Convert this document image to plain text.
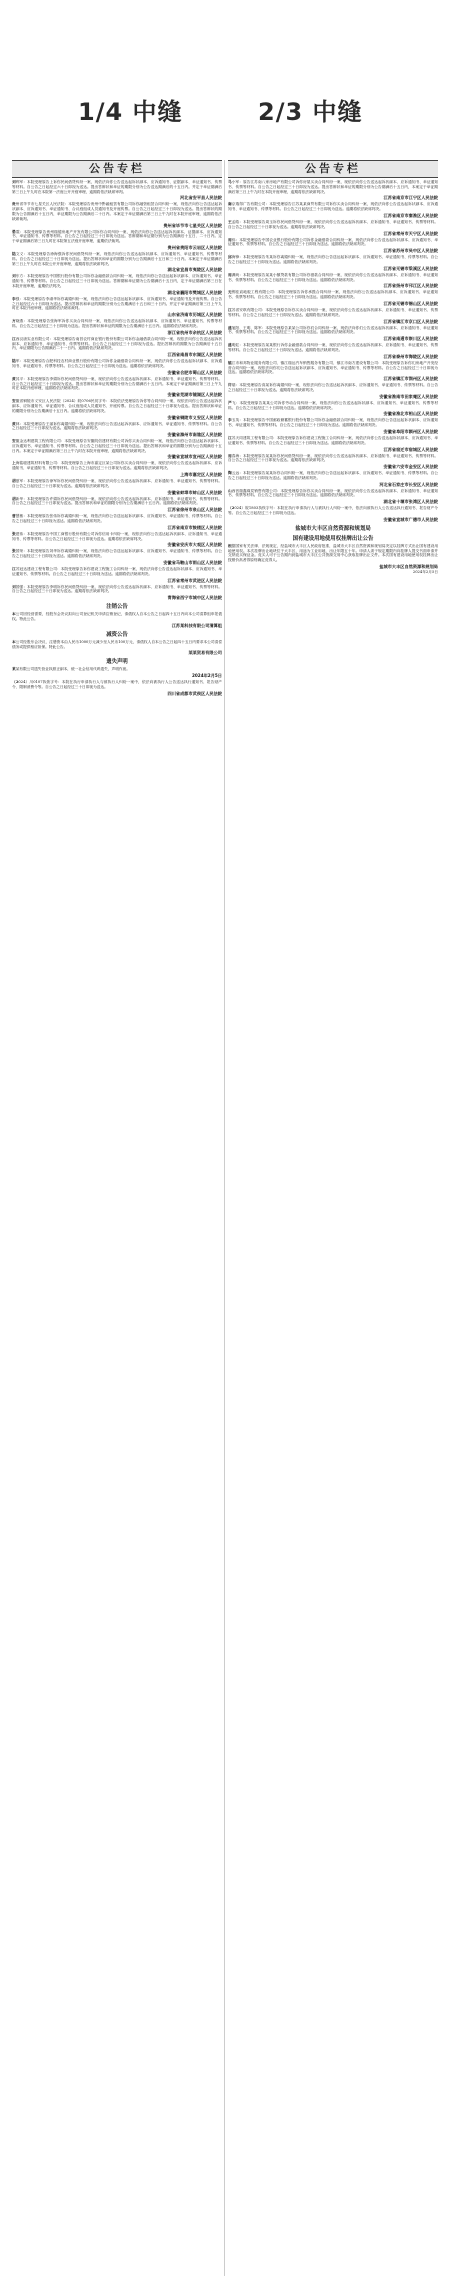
1/4 中缝	2/3 中缝
公告专栏
刘利军：本院受理原告上诉你民间借贷纠纷一案，现依法向你公告送达起诉状副本、应诉通知书、证据副本、举证通知书、传票等材料。自公告之日起经过六十日即视为送达。提出答辩状和举证的期限分别为公告送达期满后的十五日内。并定于举证期满后第三日上午九时在本院第一法庭公开开庭审理，逾期将依法缺席审判。
河北省安平县人民法院
贵州省毕节市七星关区人民法院：本院受理原告贵州中黔融租赁有限公司诉你融资租赁合同纠纷一案，现依法向你公告送达起诉状副本、应诉通知书、举证通知书、合议庭组成人员通知书及开庭传票。自公告之日起经过三十日即视为送达。提出答辩状的期限为公告期满后十五日内，举证期限为公告期满后二十日内。本案定于举证期满后第三日上午九时在本院开庭审理，逾期将依法缺席裁判。
贵州省毕节市七星关区人民法院
晏震：本院受理原告贵州瑞德房地产开发有限公司诉你合同纠纷一案，现依法向你公告送达起诉状副本、证据副本、应诉通知书、举证通知书、传票等材料。自公告之日起经过三十日即视为送达。答辩期和举证期分别为公告期满后十五日、二十日内。定于举证期满后第三日九时在本院第五法庭开庭审理，逾期依法裁判。
贵州省贵阳市云岩区人民法院
陆文义：本院受理原告徐海强诉你民间借贷纠纷一案，现依法向你公告送达起诉状副本、应诉通知书、举证通知书、传票等材料。自公告之日起经过三十日即视为送达。提出答辩状和举证的期限分别为公告期满后十五日和三十日内。本案定于举证期满后第三日上午九时在本院公开开庭审理，逾期将依法缺席判决。
湖北省宜昌市夷陵区人民法院
刘东方：本院受理原告中国银行股份有限公司诉你金融借款合同纠纷一案，现依法向你公告送达起诉状副本、应诉通知书、举证通知书、传票等材料。自公告之日起经过三十日即视为送达。答辩期和举证期为公告期满后十五日内，定于举证期满后第三日在本院开庭审理，逾期依法判决。
湖北省襄阳市樊城区人民法院
李强：本院受理原告李淑华诉你离婚纠纷一案，现依法向你公告送达起诉状副本、应诉通知书、举证通知书及开庭传票。自公告之日起经过六十日即视为送达。提出答辩状和举证的期限分别为公告期满后十五日和三十日内。并定于举证期满后第三日上午九时在本院开庭审理，逾期将依法缺席裁判。
山东省济南市历城区人民法院
方晓燕：本院受理原告张海军诉你买卖合同纠纷一案，现依法向你公告送达起诉状副本、应诉通知书、举证通知书、传票等材料。自公告之日起经过三十日即视为送达。提出答辩状和举证的期限为公告期满后十五日内。逾期将依法缺席判决。
浙江省杭州市余杭区人民法院
江西汉唐实业有限公司：本院受理原告南昌农村商业银行股份有限公司诉你金融借款合同纠纷一案，现依法向你公告送达起诉状副本、应诉通知书、举证通知书、传票等材料。自公告之日起经过三十日即视为送达。提出答辩状的期限为公告期满后十五日内，举证期限为公告期满后二十一日内。逾期将依法缺席判决。
江西省南昌市东湖区人民法院
陆军：本院受理原告合肥科技农村商业银行股份有限公司诉你金融借款合同纠纷一案，现依法向你公告送达起诉状副本、应诉通知书、举证通知书、传票等材料。自公告之日起经过三十日即视为送达。逾期将依法缺席判决。
安徽省合肥市蜀山区人民法院
黄其平：本院受理原告李娟诉你民间借贷纠纷一案，现依法向你公告送达起诉状副本、应诉通知书、举证通知书、传票等材料。自公告之日起经过三十日即视为送达。提出答辩状和举证的期限分别为公告期满后十五日内。本案定于举证期满后第三日上午九时在本院开庭审理，逾期将依法缺席判决。
安徽省芜湖市镜湖区人民法院
安徽省铜陵市义安区人民法院（2024）皖0706民初字号：本院依法受理原告诉你等合同纠纷一案，现依法向你公告送达起诉状副本、应诉通知书、举证通知书、合议庭组成人员通知书、开庭传票。自公告之日起经过三十日即视为送达。提出答辩状和举证的期限分别为公告期满后十五日内。逾期将依法缺席判决。
安徽省铜陵市义安区人民法院
黄林：本院受理原告王丽诉你离婚纠纷一案，现依法向你公告送达起诉状副本、应诉通知书、举证通知书、传票等材料。自公告之日起经过三十日即视为送达。逾期将依法缺席判决。
安徽省滁州市南谯区人民法院
安徽金达利建筑工程有限公司：本院受理原告安徽皖信建材有限公司诉你买卖合同纠纷一案，现依法向你公告送达起诉状副本、应诉通知书、举证通知书、传票等材料。自公告之日起经过三十日即视为送达。提出答辩状和举证的期限分别为公告期满后十五日内。本案定于举证期满后第三日上午九时在本院开庭审理，逾期将依法缺席判决。
安徽省宣城市宣州区人民法院
上海铭聪建筑材料有限公司：本院受理原告上海市嘉定区某公司诉你买卖合同纠纷一案，现依法向你公告送达起诉状副本、应诉通知书、举证通知书、传票等材料。自公告之日起经过三十日即视为送达。逾期将依法缺席判决。
上海市嘉定区人民法院
胡夏军：本院受理原告徐军诉你民间借贷纠纷一案，现依法向你公告送达起诉状副本、应诉通知书、举证通知书、传票等材料。自公告之日起经过三十日即视为送达。逾期将依法缺席判决。
安徽省蚌埠市蚌山区人民法院
胡新华：本院受理原告许娟诉你民间借贷纠纷一案，现依法向你公告送达起诉状副本、应诉通知书、举证通知书、传票等材料。自公告之日起经过三十日即视为送达。提出答辩状和举证的期限分别为公告期满后十五日内。逾期将依法缺席判决。
江苏省徐州市泉山区人民法院
曹慧敏：本院受理原告张伟诉你离婚纠纷一案，现依法向你公告送达起诉状副本、应诉通知书、举证通知书、传票等材料。自公告之日起经过三十日即视为送达。逾期将依法缺席判决。
江苏省南京市鼓楼区人民法院
张建伟：本院受理原告中国工商银行股份有限公司诉你信用卡纠纷一案，现依法向你公告送达起诉状副本、应诉通知书、举证通知书、传票等材料。自公告之日起经过三十日即视为送达。逾期将依法缺席判决。
安徽省安庆市大观区人民法院
张国荣：本院受理原告刘华诉你离婚纠纷一案，现依法向你公告送达起诉状副本、应诉通知书、举证通知书、传票等材料。自公告之日起经过三十日即视为送达。逾期将依法缺席判决。
安徽省马鞍山市雨山区人民法院
江苏冠达建设工程有限公司：本院受理原告诉你建设工程施工合同纠纷一案，现依法向你公告送达起诉状副本、应诉通知书、举证通知书、传票等材料。自公告之日起经过三十日即视为送达。逾期将依法缺席判决。
江苏省常州市武进区人民法院
刘国强：本院受理原告李明诉你民间借贷纠纷一案，现依法向你公告送达起诉状副本、应诉通知书、举证通知书、传票等材料。自公告之日起经过三十日即视为送达。逾期将依法缺席判决。
青海省西宁市城中区人民法院
注销公告
本公司因经营需要，经股东会决议拟向公司登记机关申请注销登记，请债权人自本公告之日起四十五日内向本公司清算组申报债权。特此公告。
江苏某科技有限公司清算组
减资公告
本公司经股东会决议，注册资本由人民币1000万元减少至人民币100万元，请债权人自本公告之日起四十五日内要求本公司清偿债务或提供相应担保。特此公告。
某某贸易有限公司
遗失声明
某某有限公司遗失营业执照正副本，统一社会信用代码遗失，声明作废。
2024年2月5日
（2024）川0107执恢字号：本院在执行申请执行人与被执行人纠纷一案中，依法向被执行人公告送达执行通知书、报告财产令、限制消费令等。自公告之日起经过三十日即视为送达。
四川省成都市武侯区人民法院
公告专栏
马小军：原告江苏南八家房地产有限公司诉你房屋买卖合同纠纷一案，现依法向你公告送达起诉状副本、应诉通知书、举证通知书、传票等材料。自公告之日起经过三十日即视为送达。提出答辩状和举证的期限分别为公告期满后十五日内，本案定于举证期满后第三日上午九时在本院开庭审理，逾期将依法缺席判决。
江苏省南京市江宁区人民法院
南京瑞得广告有限公司：本院受理原告江苏某某商贸有限公司诉你买卖合同纠纷一案，现依法向你公告送达起诉状副本、应诉通知书、举证通知书、传票等材料。自公告之日起经过三十日即视为送达。逾期将依法缺席判决。
江苏省南京市秦淮区人民法院
王孟皓：本院受理原告周玉诉你民间借贷纠纷一案，现依法向你公告送达起诉状副本、应诉通知书、举证通知书、传票等材料。自公告之日起经过三十日即视为送达。逾期将依法缺席判决。
江苏省常州市天宁区人民法院
周伟：本院受理原告中国农业银行股份有限公司诉你金融借款合同纠纷一案，现依法向你公告送达起诉状副本、应诉通知书、举证通知书、传票等材料。自公告之日起经过三十日即视为送达。逾期将依法缺席判决。
江苏省苏州市吴中区人民法院
邱海锋：本院受理原告朱某诉你离婚纠纷一案，现依法向你公告送达起诉状副本、应诉通知书、举证通知书、传票等材料。自公告之日起经过三十日即视为送达。逾期将依法缺席判决。
江苏省无锡市梁溪区人民法院
周渊尚：本院受理原告某某小额贷款有限公司诉你借款合同纠纷一案，现依法向你公告送达起诉状副本、应诉通知书、举证通知书、传票等材料。自公告之日起经过三十日即视为送达。逾期将依法缺席判决。
江苏省扬州市邗江区人民法院
无锡佳宸地板工程有限公司：本院受理原告诉你承揽合同纠纷一案，现依法向你公告送达起诉状副本、应诉通知书、举证通知书、传票等材料。自公告之日起经过三十日即视为送达。逾期将依法缺席判决。
江苏省无锡市锡山区人民法院
江苏省安琪有限公司：本院受理原告诉你买卖合同纠纷一案，现依法向你公告送达起诉状副本、应诉通知书、举证通知书、传票等材料。自公告之日起经过三十日即视为送达。逾期将依法缺席判决。
江苏省镇江市京口区人民法院
盛旭阳、王明、陈军：本院受理原告某某公司诉你们合同纠纷一案，现依法向你们公告送达起诉状副本、应诉通知书、举证通知书、传票等材料。自公告之日起经过三十日即视为送达。逾期将依法缺席判决。
江苏省南通市崇川区人民法院
盛明虹：本院受理原告某某银行诉你金融借款合同纠纷一案，现依法向你公告送达起诉状副本、应诉通知书、举证通知书、传票等材料。自公告之日起经过三十日即视为送达。逾期将依法缺席判决。
江苏省泰州市海陵区人民法院
镇江市和邦物业服务有限公司、镇江瑞达汽车销售服务有限公司、镇江市南方建设有限公司：本院受理原告诉你们房地产开发经营合同纠纷一案，现依法向你们公告送达起诉状副本、应诉通知书、举证通知书、传票等材料。自公告之日起经过三十日即视为送达。逾期将依法缺席判决。
江苏省镇江市润州区人民法院
许瑞：本院受理原告高某诉你离婚纠纷一案，现依法向你公告送达起诉状副本、应诉通知书、举证通知书、传票等材料。自公告之日起经过三十日即视为送达。逾期将依法缺席判决。
安徽省淮南市田家庵区人民法院
严飞：本院受理原告某某公司诉你劳动合同纠纷一案，现依法向你公告送达起诉状副本、应诉通知书、举证通知书、传票等材料。自公告之日起经过三十日即视为送达。逾期将依法缺席判决。
安徽省淮北市相山区人民法院
李玉英：本院受理原告中国邮政储蓄银行股份有限公司诉你金融借款合同纠纷一案，现依法向你公告送达起诉状副本、应诉通知书、举证通知书、传票等材料。自公告之日起经过三十日即视为送达。逾期将依法缺席判决。
安徽省阜阳市颍州区人民法院
江苏天同建筑工程有限公司：本院受理原告诉你建设工程施工合同纠纷一案，现依法向你公告送达起诉状副本、应诉通知书、举证通知书、传票等材料。自公告之日起经过三十日即视为送达。逾期将依法缺席判决。
江苏省宿迁市宿城区人民法院
周春海：本院受理原告某某诉你民间借贷纠纷一案，现依法向你公告送达起诉状副本、应诉通知书、举证通知书、传票等材料。自公告之日起经过三十日即视为送达。逾期将依法缺席判决。
安徽省六安市金安区人民法院
陶云远：本院受理原告某某诉你合同纠纷一案，现依法向你公告送达起诉状副本、应诉通知书、举证通知书、传票等材料。自公告之日起经过三十日即视为送达。逾期将依法缺席判决。
河北省石家庄市长安区人民法院
山西晋瑞鑫煤炭销售有限公司：本院受理原告诉你买卖合同纠纷一案，现依法向你公告送达起诉状副本、应诉通知书、举证通知书、传票等材料。自公告之日起经过三十日即视为送达。逾期将依法缺席判决。
湖北省十堰市张湾区人民法院
（2024）皖1803执恢字号：本院在执行申请执行人与被执行人纠纷一案中，依法向被执行人公告送达执行通知书、报告财产令等。自公告之日起经过三十日即视为送达。
安徽省宣城市广德市人民法院
盐城市大丰区自然资源和规划局
国有建设用地使用权挂牌出让公告
根据国家有关法律、法规规定，经盐城市大丰区人民政府批准，盐城市大丰区自然资源和规划局决定以挂牌方式出让国有建设用地使用权。本次挂牌出让地块位于大丰区，用途为工业用地，出让年限五十年。申请人须于规定期限内向挂牌人提交书面申请并交纳竞买保证金。竞买人可于公告期内到盐城市大丰区公共资源交易中心获取挂牌出让文件。本次国有建设用地使用权挂牌出让按照价高者得原则确定竞得人。
盐城市大丰区自然资源和规划局
2024年2月5日
